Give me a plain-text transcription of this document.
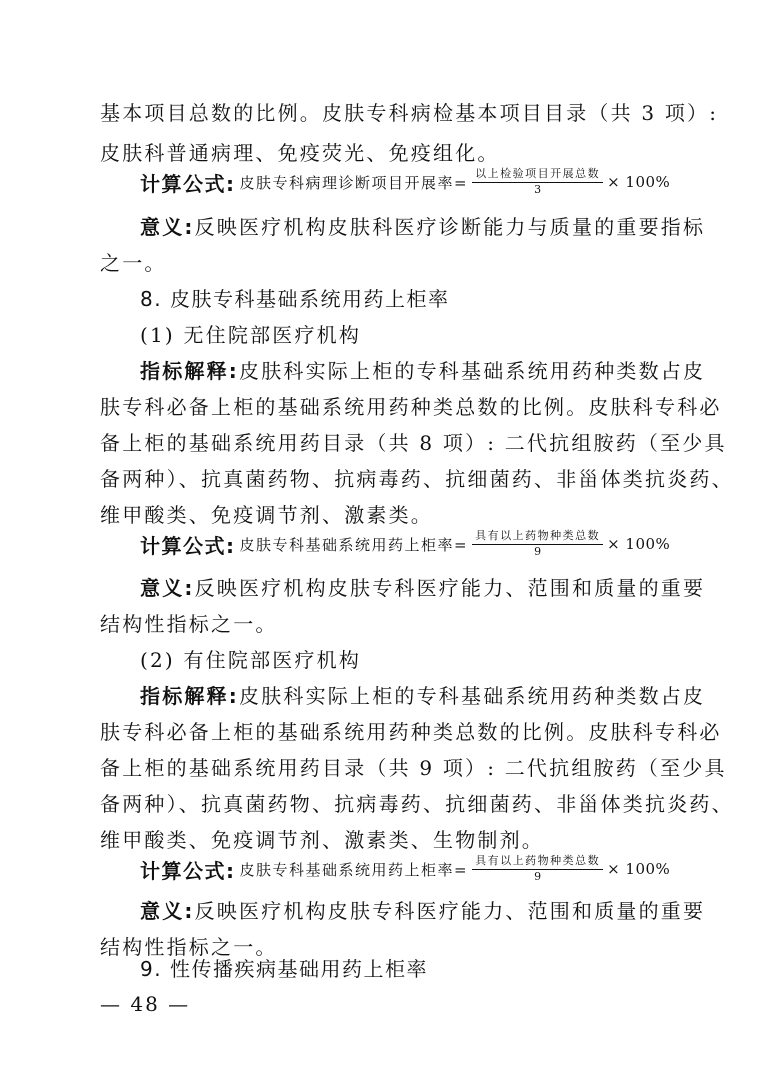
基本项目总数的比例。皮肤专科病检基本项目目录（共 3 项）:
皮肤科普通病理、免疫荧光、免疫组化。
计算公式: 皮肤专科病理诊断项目开展率= $\frac{\text{以上检验项目开展总数}}{3} \times 100\%$
意义:反映医疗机构皮肤科医疗诊断能力与质量的重要指标
之一。
8. 皮肤专科基础系统用药上柜率
(1) 无住院部医疗机构
指标解释:皮肤科实际上柜的专科基础系统用药种类数占皮
肤专科必备上柜的基础系统用药种类总数的比例。皮肤科专科必
备上柜的基础系统用药目录（共 8 项）: 二代抗组胺药（至少具
备两种）、抗真菌药物、抗病毒药、抗细菌药、非甾体类抗炎药、
维甲酸类、免疫调节剂、激素类。
计算公式: 皮肤专科基础系统用药上柜率= $\frac{\text{具有以上药物种类总数}}{9} \times 100\%$
意义:反映医疗机构皮肤专科医疗能力、范围和质量的重要
结构性指标之一。
(2) 有住院部医疗机构
指标解释:皮肤科实际上柜的专科基础系统用药种类数占皮
肤专科必备上柜的基础系统用药种类总数的比例。皮肤科专科必
备上柜的基础系统用药目录（共 9 项）: 二代抗组胺药（至少具
备两种）、抗真菌药物、抗病毒药、抗细菌药、非甾体类抗炎药、
维甲酸类、免疫调节剂、激素类、生物制剂。
计算公式: 皮肤专科基础系统用药上柜率= $\frac{\text{具有以上药物种类总数}}{9} \times 100\%$
意义:反映医疗机构皮肤专科医疗能力、范围和质量的重要
结构性指标之一。
9. 性传播疾病基础用药上柜率
— 48 —
